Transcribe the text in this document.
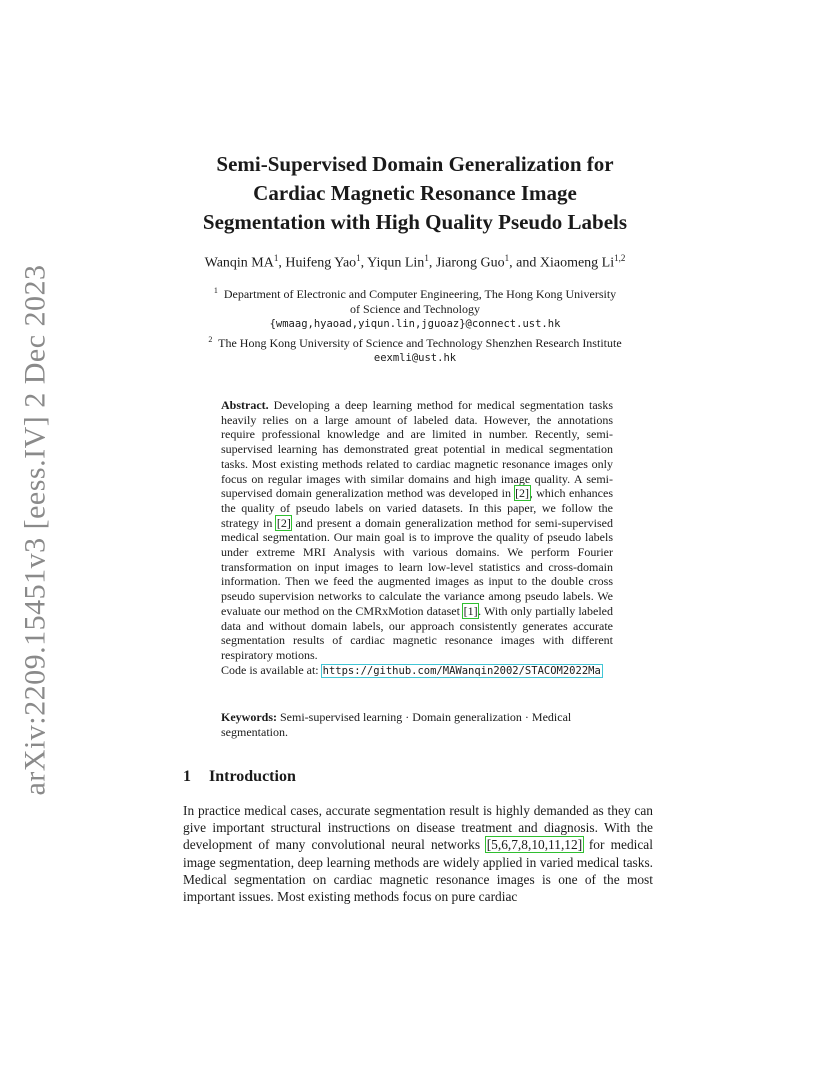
arXiv:2209.15451v3 [eess.IV] 2 Dec 2023
Semi-Supervised Domain Generalization for
Cardiac Magnetic Resonance Image
Segmentation with High Quality Pseudo Labels
Wanqin $MA^1$, Huifeng Yao$^1$, Yiqun Lin$^1$, Jiarong Guo$^1$, and Xiaomeng Li$^{1,2}$
$^1$ Department of Electronic and Computer Engineering, The Hong Kong University
of Science and Technology
{wmaag,hyaoad,yiqun.lin,jguoaz}@connect.ust.hk
$^2$ The Hong Kong University of Science and Technology Shenzhen Research Institute
eexmli@ust.hk

Abstract. Developing a deep learning method for medical segmentation tasks heavily relies on a large amount of labeled data. However, the annotations require professional knowledge and are limited in number. Recently, semi-supervised learning has demonstrated great potential in medical segmentation tasks. Most existing methods related to cardiac magnetic resonance images only focus on regular images with similar domains and high image quality. A semi-supervised domain generalization method was developed in [2], which enhances the quality of pseudo labels on varied datasets. In this paper, we follow the strategy in [2] and present a domain generalization method for semi-supervised medical segmentation. Our main goal is to improve the quality of pseudo labels under extreme MRI Analysis with various domains. We perform Fourier transformation on input images to learn low-level statistics and cross-domain information. Then we feed the augmented images as input to the double cross pseudo supervision networks to calculate the variance among pseudo labels. We evaluate our method on the CMRxMotion dataset [1]. With only partially labeled data and without domain labels, our approach consistently generates accurate segmentation results of cardiac magnetic resonance images with different respiratory motions.

Code is available at: https://github.com/MAWanqin2002/STACOM2022Ma

Keywords: Semi-supervised learning · Domain generalization · Medical segmentation.
1 Introduction

In practice medical cases, accurate segmentation result is highly demanded as they can give important structural instructions on disease treatment and diagnosis. With the development of many convolutional neural networks [5,6,7,8,10,11,12] for medical image segmentation, deep learning methods are widely applied in varied medical tasks. Medical segmentation on cardiac magnetic resonance images is one of the most important issues. Most existing methods focus on pure cardiac
